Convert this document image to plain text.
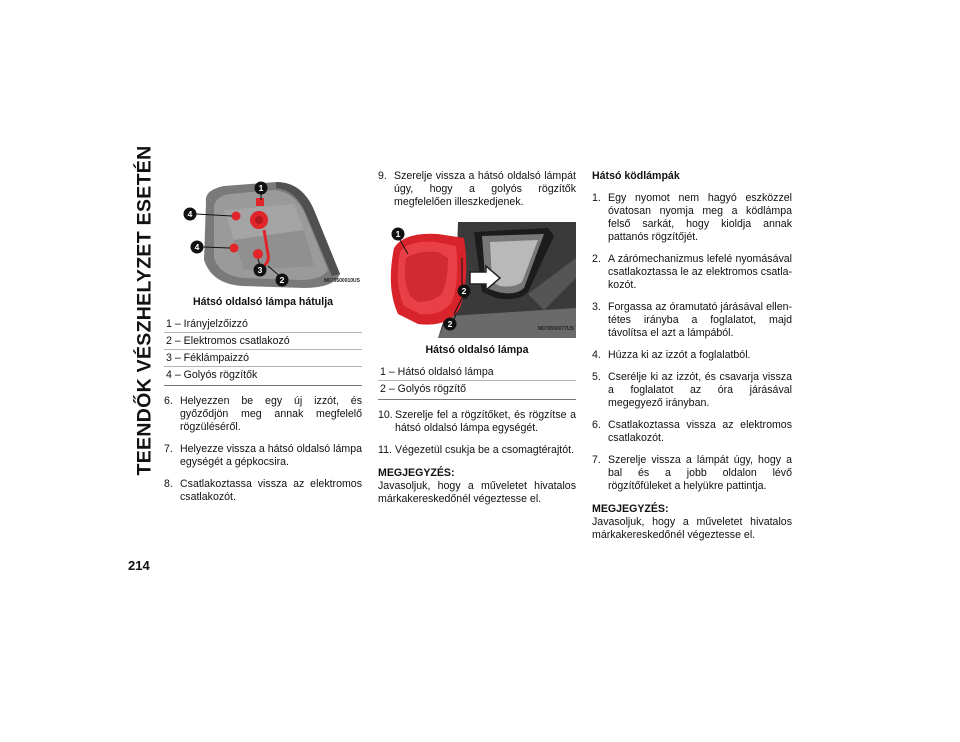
TEENDŐK VÉSZHELYZET ESETÉN	1
4
4
3
2	M070500010US
Hátsó oldalsó lámpa hátulja
1 – Irányjelzőizzó
2 – Elektromos csatlakozó
3 – Féklámpaizzó
4 – Golyós rögzítők
6. Helyezzen be egy új izzót, és győződjön meg annak megfelelő rögzüléséről.
7. Helyezze vissza a hátsó oldalsó lámpa egységét a gépkocsira.
8. Csatlakoztassa vissza az elektromos csatlakozót.
9. Szerelje vissza a hátsó oldalsó lámpát úgy, hogy a golyós rögzítők megfelelően illeszkedjenek.
1
2
2	M070500077US
Hátsó oldalsó lámpa
1 – Hátsó oldalsó lámpa
2 – Golyós rögzítő
10. Szerelje fel a rögzítőket, és rögzítse a hátsó oldalsó lámpa egységét.
11. Végezetül csukja be a csomagtérajtót.
MEGJEGYZÉS:
Javasoljuk, hogy a műveletet hivatalos márkakereskedőnél végeztesse el.
Hátsó ködlámpák
1. Egy nyomot nem hagyó eszközzel óvatosan nyomja meg a ködlámpa felső sarkát, hogy kioldja annak pattanós rögzítőjét.
2. A zárómechanizmus lefelé nyomásával csatlakoztassa le az elektromos csatla-kozót.
3. Forgassa az óramutató járásával ellen-tétes irányba a foglalatot, majd távolítsa el azt a lámpából.
4. Húzza ki az izzót a foglalatból.
5. Cserélje ki az izzót, és csavarja vissza a foglalatot az óra járásával megegyező irányban.
6. Csatlakoztassa vissza az elektromos csatlakozót.
7. Szerelje vissza a lámpát úgy, hogy a bal és a jobb oldalon lévő rögzítőfüleket a helyükre pattintja.
MEGJEGYZÉS:
Javasoljuk, hogy a műveletet hivatalos márkakereskedőnél végeztesse el.
214
